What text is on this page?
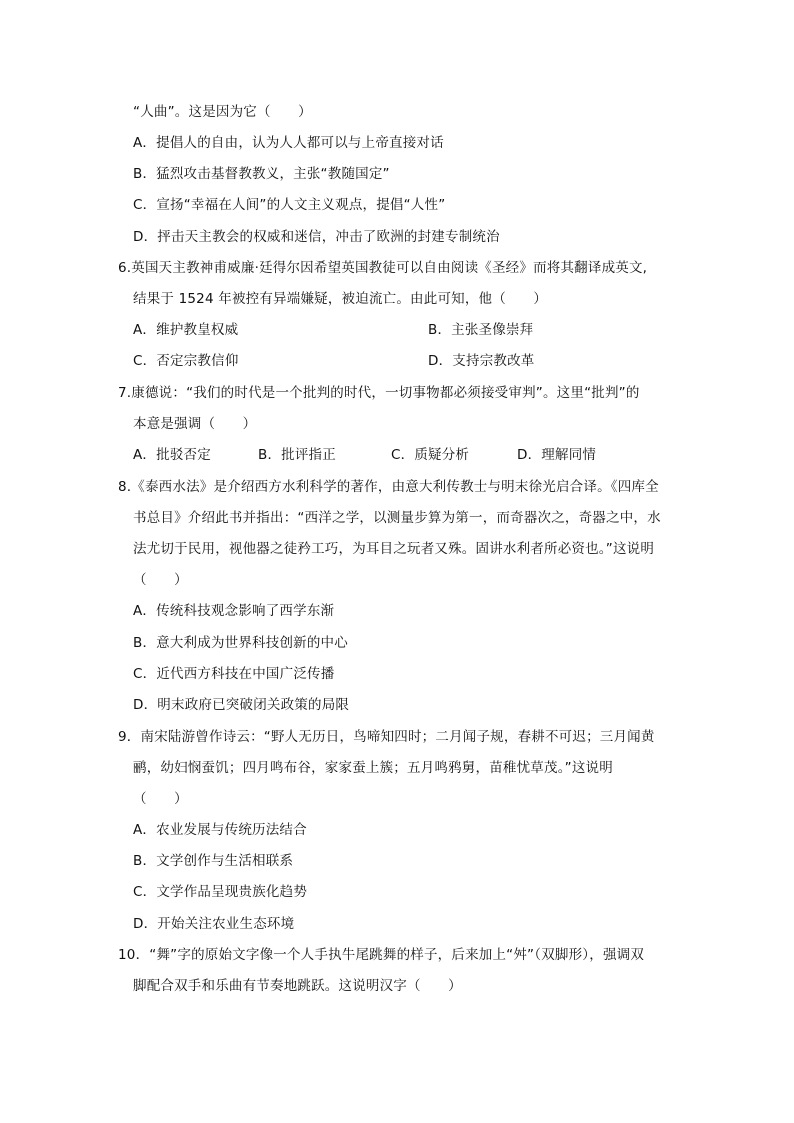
“人曲”。这是因为它（　　）
A．提倡人的自由，认为人人都可以与上帝直接对话
B．猛烈攻击基督教教义，主张“教随国定”
C．宣扬“幸福在人间”的人文主义观点，提倡“人性”
D．抨击天主教会的权威和迷信，冲击了欧洲的封建专制统治
6.英国天主教神甫威廉·廷得尔因希望英国教徒可以自由阅读《圣经》而将其翻译成英文,
结果于 1524 年被控有异端嫌疑，被迫流亡。由此可知，他（　　）
A．维护教皇权威	B．主张圣像崇拜
C．否定宗教信仰	D．支持宗教改革
7.康德说：“我们的时代是一个批判的时代，一切事物都必须接受审判”。这里“批判”的
本意是强调（　　）
A．批驳否定	B．批评指正	C．质疑分析	D．理解同情
8.《泰西水法》是介绍西方水利科学的著作，由意大利传教士与明末徐光启合译。《四库全
书总目》介绍此书并指出：“西洋之学，以测量步算为第一，而奇器次之，奇器之中，水
法尤切于民用，视他器之徒矜工巧，为耳目之玩者又殊。固讲水利者所必资也。”这说明
（　　）
A．传统科技观念影响了西学东渐
B．意大利成为世界科技创新的中心
C．近代西方科技在中国广泛传播
D．明末政府已突破闭关政策的局限
9．南宋陆游曾作诗云：“野人无历日，鸟啼知四时；二月闻子规，春耕不可迟；三月闻黄
鹂，幼妇悯蚕饥；四月鸣布谷，家家蚕上簇；五月鸣鸦舅，苗稚忧草茂。”这说明
（　　）
A．农业发展与传统历法结合
B．文学创作与生活相联系
C．文学作品呈现贵族化趋势
D．开始关注农业生态环境
10．“舞”字的原始文字像一个人手执牛尾跳舞的样子，后来加上“舛”（双脚形），强调双
脚配合双手和乐曲有节奏地跳跃。这说明汉字（　　）
